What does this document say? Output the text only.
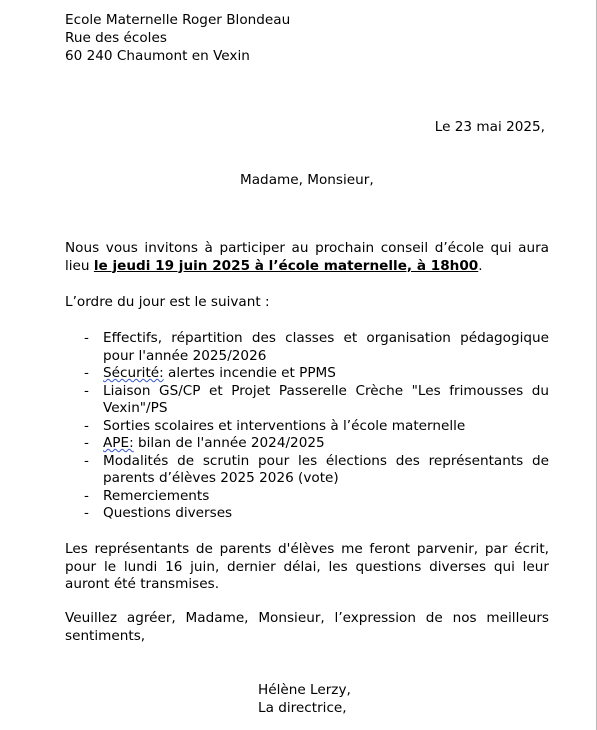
Ecole Maternelle Roger Blondeau
Rue des écoles
60 240 Chaumont en Vexin
Le 23 mai 2025,
Madame, Monsieur,
Nous vous invitons à participer au prochain conseil d’école qui aura lieu le jeudi 19 juin 2025 à l’école maternelle, à 18h00.
L’ordre du jour est le suivant :
- Effectifs, répartition des classes et organisation pédagogique pour l'année 2025/2026
- Sécurité: alertes incendie et PPMS
- Liaison GS/CP et Projet Passerelle Crèche "Les frimousses du Vexin"/PS
- Sorties scolaires et interventions à l’école maternelle
- APE: bilan de l'année 2024/2025
- Modalités de scrutin pour les élections des représentants de parents d’élèves 2025 2026 (vote)
- Remerciements
- Questions diverses
Les représentants de parents d'élèves me feront parvenir, par écrit, pour le lundi 16 juin, dernier délai, les questions diverses qui leur auront été transmises.
Veuillez agréer, Madame, Monsieur, l’expression de nos meilleurs sentiments,
Hélène Lerzy,
La directrice,
